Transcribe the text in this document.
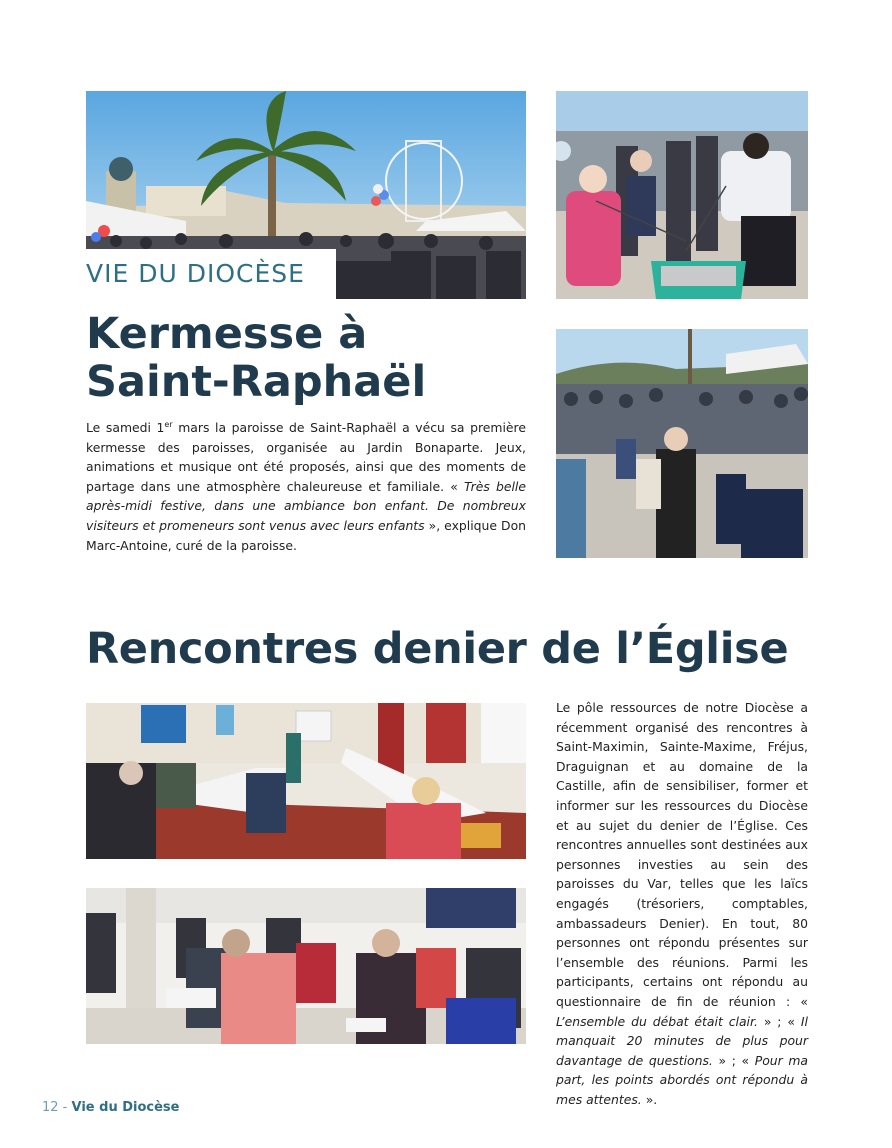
VIE DU DIOCÈSE
Kermesse à
Saint-Raphaël

Le samedi 1er mars la paroisse de Saint-Raphaël a vécu sa première kermesse des paroisses, organisée au Jardin Bonaparte. Jeux, animations et musique ont été proposés, ainsi que des moments de partage dans une atmosphère chaleureuse et familiale. « Très belle après-midi festive, dans une ambiance bon enfant. De nombreux visiteurs et promeneurs sont venus avec leurs enfants », explique Don Marc-Antoine, curé de la paroisse.

Rencontres denier de l’Église

Le pôle ressources de notre Diocèse a récemment organisé des rencontres à Saint-Maximin, Sainte-Maxime, Fréjus, Draguignan et au domaine de la Castille, afin de sensibiliser, former et informer sur les ressources du Diocèse et au sujet du denier de l’Église. Ces rencontres annuelles sont destinées aux personnes investies au sein des paroisses du Var, telles que les laïcs engagés (trésoriers, comptables, ambassadeurs Denier). En tout, 80 personnes ont répondu présentes sur l’ensemble des réunions. Parmi les participants, certains ont répondu au questionnaire de fin de réunion : « L’ensemble du débat était clair. » ; « Il manquait 20 minutes de plus pour davantage de questions. » ; « Pour ma part, les points abordés ont répondu à mes attentes. ».

12 - Vie du Diocèse
